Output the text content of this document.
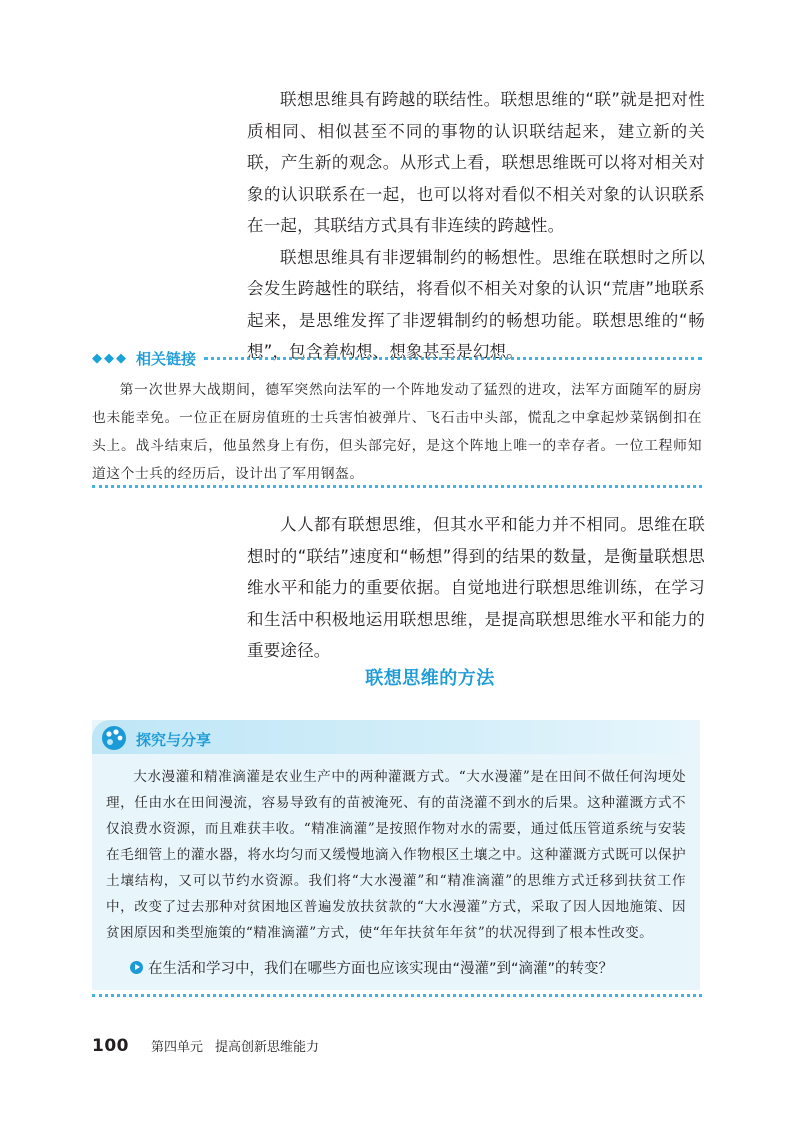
联想思维具有跨越的联结性。联想思维的“联”就是把对性质相同、相似甚至不同的事物的认识联结起来，建立新的关联，产生新的观念。从形式上看，联想思维既可以将对相关对象的认识联系在一起，也可以将对看似不相关对象的认识联系在一起，其联结方式具有非连续的跨越性。

联想思维具有非逻辑制约的畅想性。思维在联想时之所以会发生跨越性的联结，将看似不相关对象的认识“荒唐”地联系起来，是思维发挥了非逻辑制约的畅想功能。联想思维的“畅想”，包含着构想、想象甚至是幻想。

◆◆◆ 相关链接

第一次世界大战期间，德军突然向法军的一个阵地发动了猛烈的进攻，法军方面随军的厨房也未能幸免。一位正在厨房值班的士兵害怕被弹片、飞石击中头部，慌乱之中拿起炒菜锅倒扣在头上。战斗结束后，他虽然身上有伤，但头部完好，是这个阵地上唯一的幸存者。一位工程师知道这个士兵的经历后，设计出了军用钢盔。

人人都有联想思维，但其水平和能力并不相同。思维在联想时的“联结”速度和“畅想”得到的结果的数量，是衡量联想思维水平和能力的重要依据。自觉地进行联想思维训练，在学习和生活中积极地运用联想思维，是提高联想思维水平和能力的重要途径。

联想思维的方法
探究与分享

大水漫灌和精准滴灌是农业生产中的两种灌溉方式。“大水漫灌”是在田间不做任何沟埂处理，任由水在田间漫流，容易导致有的苗被淹死、有的苗浇灌不到水的后果。这种灌溉方式不仅浪费水资源，而且难获丰收。“精准滴灌”是按照作物对水的需要，通过低压管道系统与安装在毛细管上的灌水器，将水均匀而又缓慢地滴入作物根区土壤之中。这种灌溉方式既可以保护土壤结构，又可以节约水资源。我们将“大水漫灌”和“精准滴灌”的思维方式迁移到扶贫工作中，改变了过去那种对贫困地区普遍发放扶贫款的“大水漫灌”方式，采取了因人因地施策、因贫困原因和类型施策的“精准滴灌”方式，使“年年扶贫年年贫”的状况得到了根本性改变。

在生活和学习中，我们在哪些方面也应该实现由“漫灌”到“滴灌”的转变？
100 第四单元 提高创新思维能力
